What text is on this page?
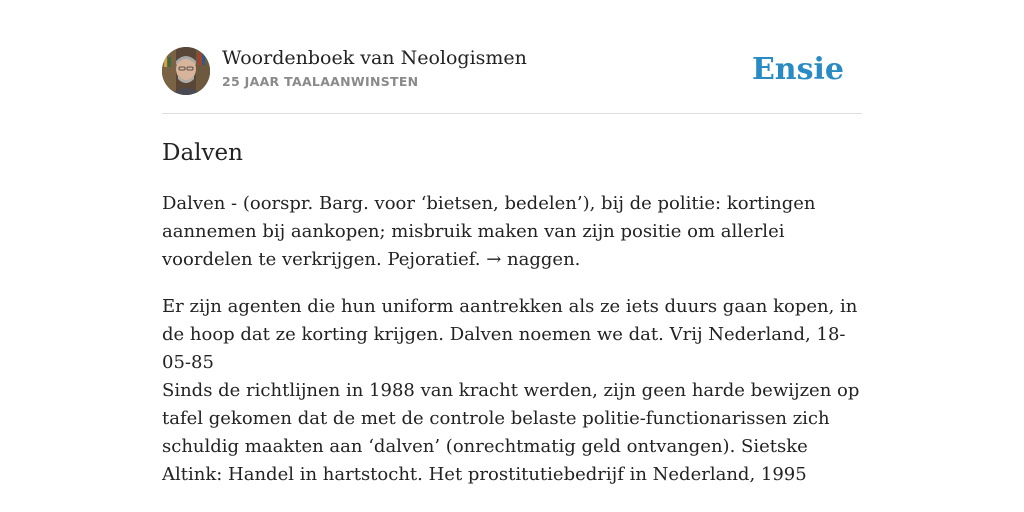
Woordenboek van Neologismen
25 JAAR TAALAANWINSTEN	Ensie
Dalven

Dalven - (oorspr. Barg. voor ‘bietsen, bedelen’), bij de politie: kortingen aannemen bij aankopen; misbruik maken van zijn positie om allerlei voordelen te verkrijgen. Pejoratief. → naggen.

Er zijn agenten die hun uniform aantrekken als ze iets duurs gaan kopen, in de hoop dat ze korting krijgen. Dalven noemen we dat. Vrij Nederland, 18-05-85

Sinds de richtlijnen in 1988 van kracht werden, zijn geen harde bewijzen op tafel gekomen dat de met de controle belaste politie-functionarissen zich schuldig maakten aan ‘dalven’ (onrechtmatig geld ontvangen). Sietske Altink: Handel in hartstocht. Het prostitutiebedrijf in Nederland, 1995
